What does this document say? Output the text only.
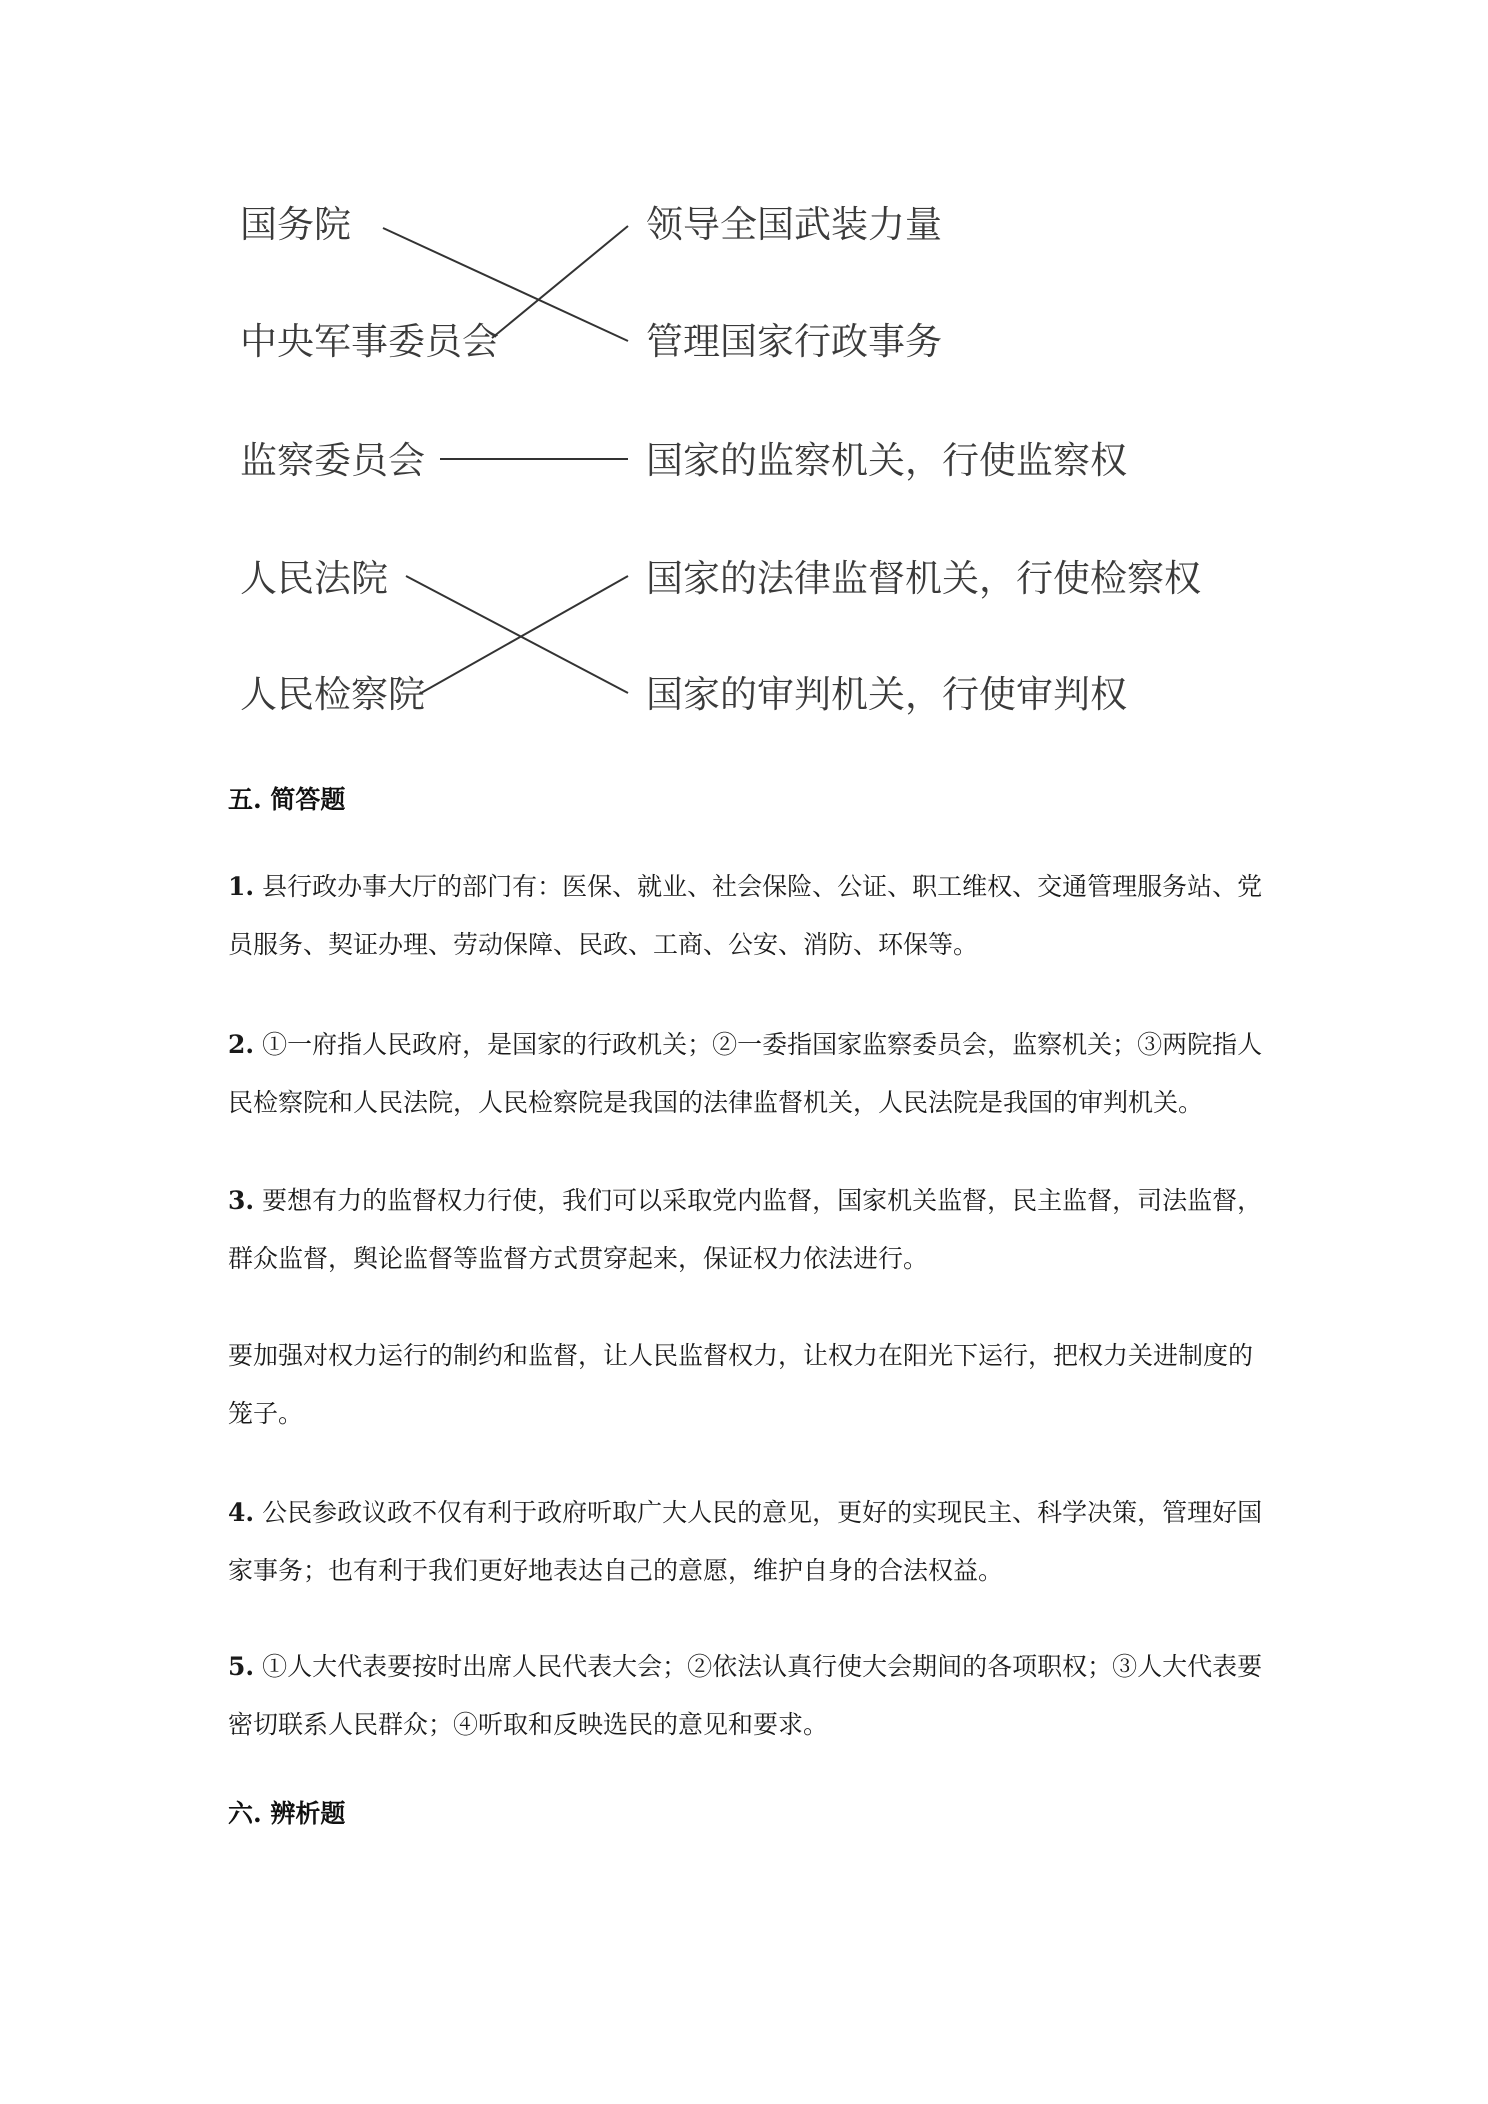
国务院
中央军事委员会
监察委员会
人民法院
人民检察院
领导全国武装力量
管理国家行政事务
国家的监察机关，行使监察权
国家的法律监督机关，行使检察权
国家的审判机关，行使审判权
五. 简答题
1. 县行政办事大厅的部门有：医保、就业、社会保险、公证、职工维权、交通管理服务站、党员服务、契证办理、劳动保障、民政、工商、公安、消防、环保等。
2. ①一府指人民政府，是国家的行政机关；②一委指国家监察委员会，监察机关；③两院指人民检察院和人民法院，人民检察院是我国的法律监督机关，人民法院是我国的审判机关。
3. 要想有力的监督权力行使，我们可以采取党内监督，国家机关监督，民主监督，司法监督，群众监督，舆论监督等监督方式贯穿起来，保证权力依法进行。
要加强对权力运行的制约和监督，让人民监督权力，让权力在阳光下运行，把权力关进制度的笼子。
4. 公民参政议政不仅有利于政府听取广大人民的意见，更好的实现民主、科学决策，管理好国家事务；也有利于我们更好地表达自己的意愿，维护自身的合法权益。
5. ①人大代表要按时出席人民代表大会；②依法认真行使大会期间的各项职权；③人大代表要密切联系人民群众；④听取和反映选民的意见和要求。
六. 辨析题
